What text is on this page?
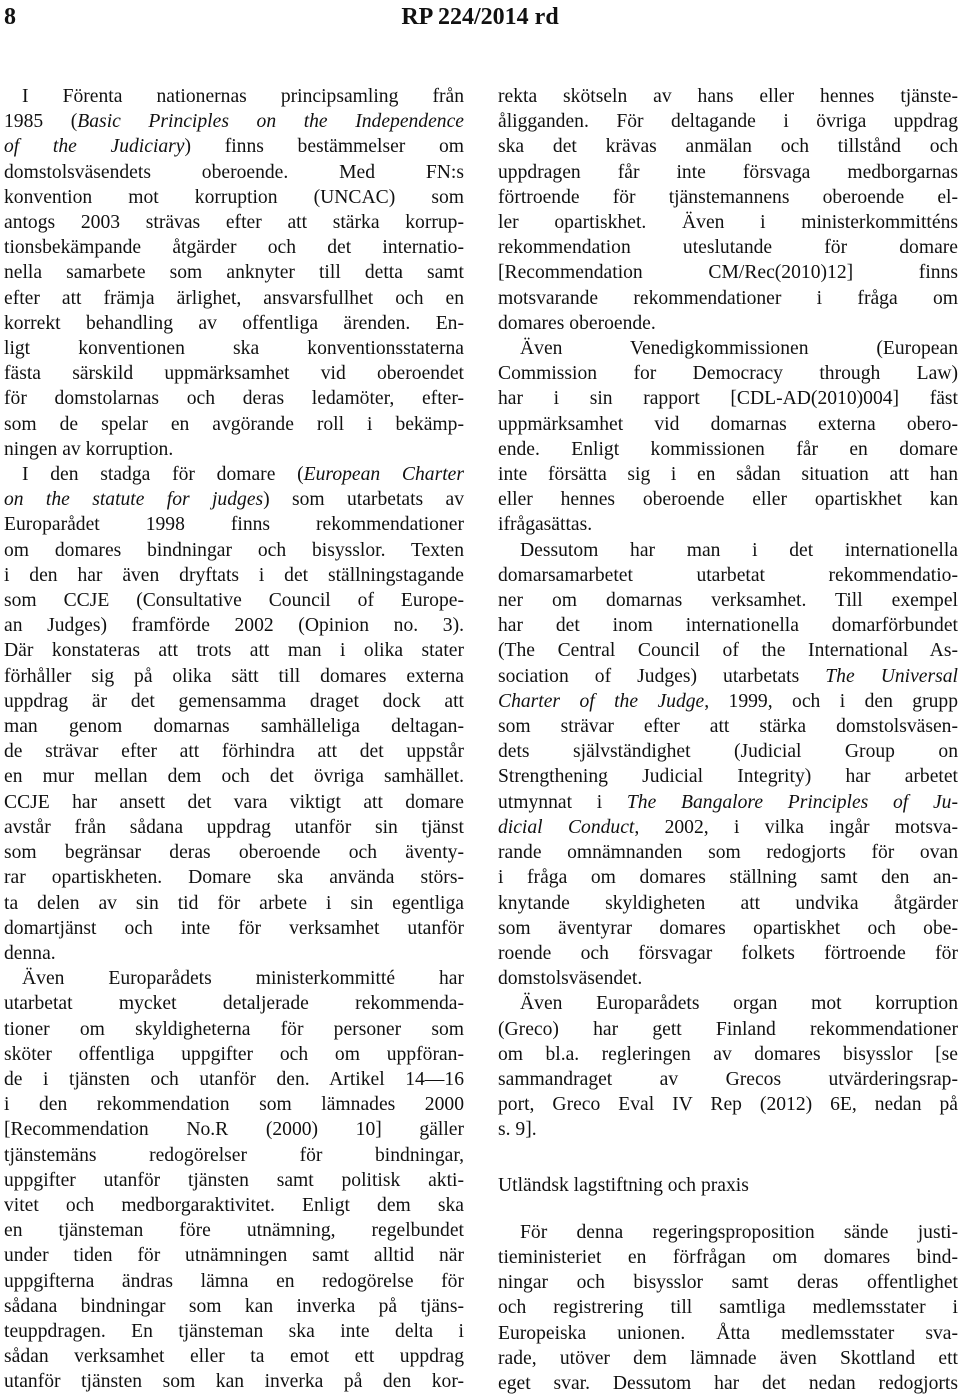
8	RP 224/2014 rd
I Förenta nationernas principsamling från
1985 (Basic Principles on the Independence
of the Judiciary) finns bestämmelser om
domstolsväsendets oberoende. Med FN:s
konvention mot korruption (UNCAC) som
antogs 2003 strävas efter att stärka korrup-
tionsbekämpande åtgärder och det internatio-
nella samarbete som anknyter till detta samt
efter att främja ärlighet, ansvarsfullhet och en
korrekt behandling av offentliga ärenden. En-
ligt konventionen ska konventionsstaterna
fästa särskild uppmärksamhet vid oberoendet
för domstolarnas och deras ledamöter, efter-
som de spelar en avgörande roll i bekämp-
ningen av korruption.
I den stadga för domare (European Charter
on the statute for judges) som utarbetats av
Europarådet 1998 finns rekommendationer
om domares bindningar och bisysslor. Texten
i den har även dryftats i det ställningstagande
som CCJE (Consultative Council of Europe-
an Judges) framförde 2002 (Opinion no. 3).
Där konstateras att trots att man i olika stater
förhåller sig på olika sätt till domares externa
uppdrag är det gemensamma draget dock att
man genom domarnas samhälleliga deltagan-
de strävar efter att förhindra att det uppstår
en mur mellan dem och det övriga samhället.
CCJE har ansett det vara viktigt att domare
avstår från sådana uppdrag utanför sin tjänst
som begränsar deras oberoende och äventy-
rar opartiskheten. Domare ska använda störs-
ta delen av sin tid för arbete i sin egentliga
domartjänst och inte för verksamhet utanför
denna.
Även Europarådets ministerkommitté har
utarbetat mycket detaljerade rekommenda-
tioner om skyldigheterna för personer som
sköter offentliga uppgifter och om uppföran-
de i tjänsten och utanför den. Artikel 14—16
i den rekommendation som lämnades 2000
[Recommendation No.R (2000) 10] gäller
tjänstemäns redogörelser för bindningar,
uppgifter utanför tjänsten samt politisk akti-
vitet och medborgaraktivitet. Enligt dem ska
en tjänsteman före utnämning, regelbundet
under tiden för utnämningen samt alltid när
uppgifterna ändras lämna en redogörelse för
sådana bindningar som kan inverka på tjäns-
teuppdragen. En tjänsteman ska inte delta i
sådan verksamhet eller ta emot ett uppdrag
utanför tjänsten som kan inverka på den kor-
rekta skötseln av hans eller hennes tjänste-
åligganden. För deltagande i övriga uppdrag
ska det krävas anmälan och tillstånd och
uppdragen får inte försvaga medborgarnas
förtroende för tjänstemannens oberoende el-
ler opartiskhet. Även i ministerkommitténs
rekommendation uteslutande för domare
[Recommendation CM/Rec(2010)12] finns
motsvarande rekommendationer i fråga om
domares oberoende.
Även Venedigkommissionen (European
Commission for Democracy through Law)
har i sin rapport [CDL-AD(2010)004] fäst
uppmärksamhet vid domarnas externa obero-
ende. Enligt kommissionen får en domare
inte försätta sig i en sådan situation att han
eller hennes oberoende eller opartiskhet kan
ifrågasättas.
Dessutom har man i det internationella
domarsamarbetet utarbetat rekommendatio-
ner om domarnas verksamhet. Till exempel
har det inom internationella domarförbundet
(The Central Council of the International As-
sociation of Judges) utarbetats The Universal
Charter of the Judge, 1999, och i den grupp
som strävar efter att stärka domstolsväsen-
dets självständighet (Judicial Group on
Strengthening Judicial Integrity) har arbetet
utmynnat i The Bangalore Principles of Ju-
dicial Conduct, 2002, i vilka ingår motsva-
rande omnämnanden som redogjorts för ovan
i fråga om domares ställning samt den an-
knytande skyldigheten att undvika åtgärder
som äventyrar domares opartiskhet och obe-
roende och försvagar folkets förtroende för
domstolsväsendet.
Även Europarådets organ mot korruption
(Greco) har gett Finland rekommendationer
om bl.a. regleringen av domares bisysslor [se
sammandraget av Grecos utvärderingsrap-
port, Greco Eval IV Rep (2012) 6E, nedan på
s. 9].

Utländsk lagstiftning och praxis

För denna regeringsproposition sände justi-
tieministeriet en förfrågan om domares bind-
ningar och bisysslor samt deras offentlighet
och registrering till samtliga medlemsstater i
Europeiska unionen. Åtta medlemsstater sva-
rade, utöver dem lämnade även Skottland ett
eget svar. Dessutom har det nedan redogjorts
